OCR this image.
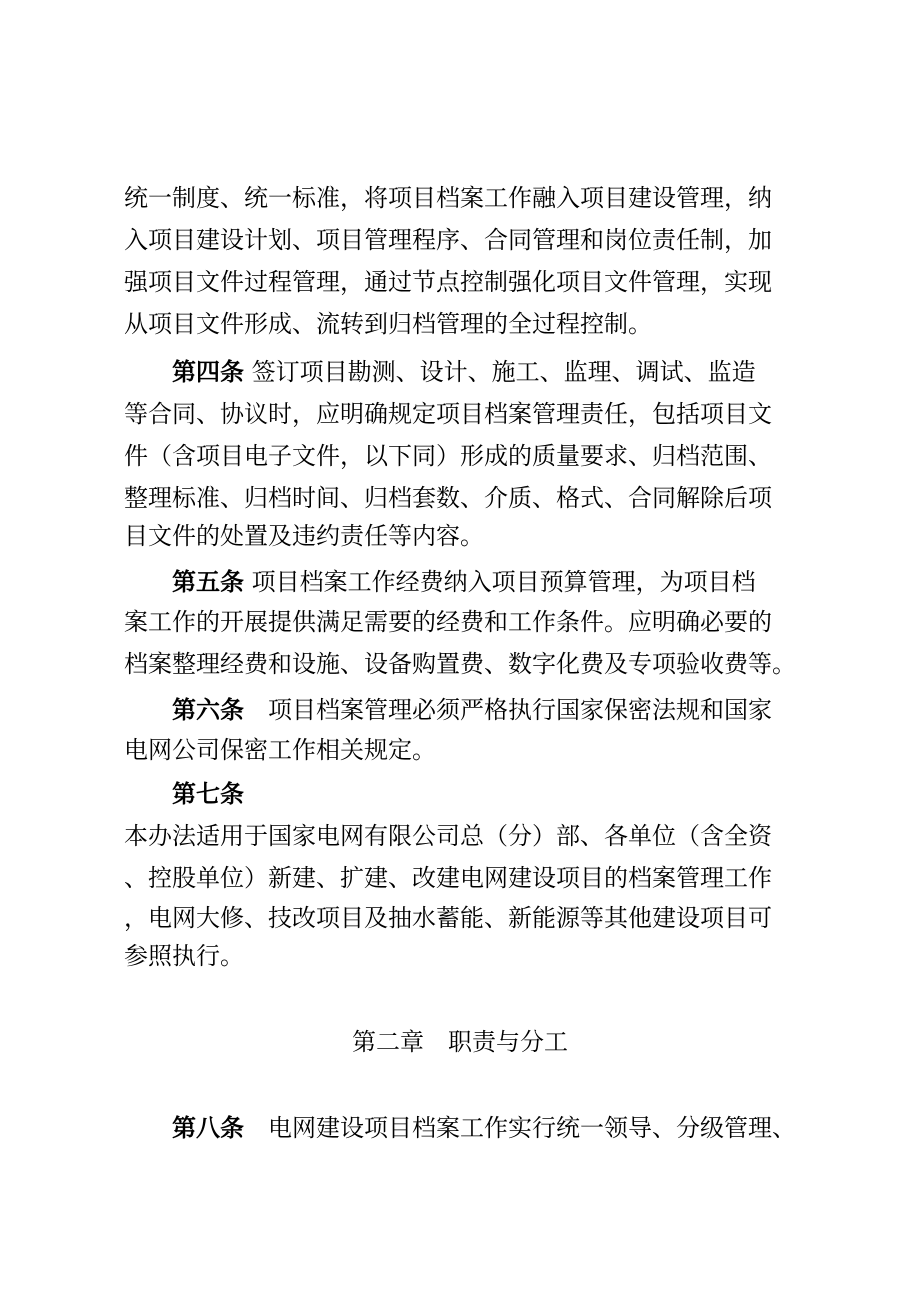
统一制度、统一标准，将项目档案工作融入项目建设管理，纳
入项目建设计划、项目管理程序、合同管理和岗位责任制，加
强项目文件过程管理，通过节点控制强化项目文件管理，实现
从项目文件形成、流转到归档管理的全过程控制。
第四条 签订项目勘测、设计、施工、监理、调试、监造
等合同、协议时，应明确规定项目档案管理责任，包括项目文
件（含项目电子文件，以下同）形成的质量要求、归档范围、
整理标准、归档时间、归档套数、介质、格式、合同解除后项
目文件的处置及违约责任等内容。
第五条 项目档案工作经费纳入项目预算管理，为项目档
案工作的开展提供满足需要的经费和工作条件。应明确必要的
档案整理经费和设施、设备购置费、数字化费及专项验收费等。
第六条 项目档案管理必须严格执行国家保密法规和国家
电网公司保密工作相关规定。
第七条
本办法适用于国家电网有限公司总（分）部、各单位（含全资
、控股单位）新建、扩建、改建电网建设项目的档案管理工作
，电网大修、技改项目及抽水蓄能、新能源等其他建设项目可
参照执行。
第二章　职责与分工
第八条 电网建设项目档案工作实行统一领导、分级管理、
